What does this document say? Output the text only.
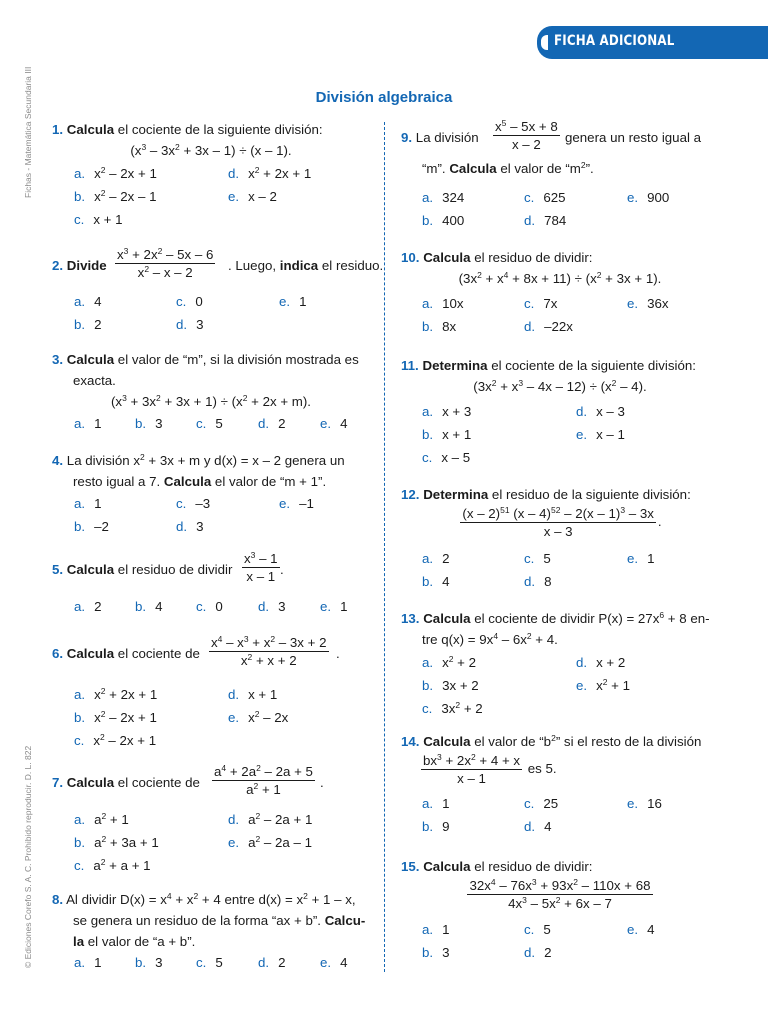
FICHA ADICIONAL
Fichas - Matemática Secundaria III
© Ediciones Corefo S. A. C. Prohibido reproducir. D. L. 822
División algebraica
1. Calcula el cociente de la siguiente división:
$(x^3 - 3x^2 + 3x - 1) \div (x - 1)$.
a. $x^2 - 2x + 1$	d. $x^2 + 2x + 1$
b. $x^2 - 2x - 1$	e. x – 2
c. x + 1
2. Divide $\frac{x^3 + 2x^2 - 5x - 6}{x^2 - x - 2}$ . Luego, indica el residuo.
a. 4	c. 0	e. 1
b. 2	d. 3
3. Calcula el valor de “m”, si la división mostrada es
exacta.
$(x^3 + 3x^2 + 3x + 1) \div (x^2 + 2x + m)$.
a. 1	b. 3	c. 5	d. 2	e. 4
4. La división $x^2 + 3x + m$ y d(x) = x – 2 genera un
resto igual a 7. Calcula el valor de “m + 1”.
a. 1	c. –3	e. –1
b. –2	d. 3
5. Calcula el residuo de dividir $\frac{x^3 - 1}{x - 1}$ .
a. 2	b. 4	c. 0	d. 3	e. 1
6. Calcula el cociente de $\frac{x^4 - x^3 + x^2 - 3x + 2}{x^2 + x + 2}$ .
a. $x^2 + 2x + 1$	d. x + 1
b. $x^2 - 2x + 1$	e. $x^2 - 2x$
c. $x^2 - 2x + 1$
7. Calcula el cociente de $\frac{a^4 + 2a^2 - 2a + 5}{a^2 + 1}$ .
a. $a^2 + 1$	d. $a^2 - 2a + 1$
b. $a^2 + 3a + 1$	e. $a^2 - 2a - 1$
c. $a^2 + a + 1$
8. Al dividir $D(x) = x^4 + x^2 + 4$ entre $d(x) = x^2 + 1 - x$,
se genera un residuo de la forma “ax + b”. Calcu-
la el valor de “a + b”.
a. 1	b. 3	c. 5	d. 2	e. 4
9. La división $\frac{x^5 - 5x + 8}{x - 2}$ genera un resto igual a
“m”. Calcula el valor de “$m^2$”.
a. 324	c. 625	e. 900
b. 400	d. 784
10. Calcula el residuo de dividir:
$(3x^2 + x^4 + 8x + 11) \div (x^2 + 3x + 1)$.
a. 10x	c. 7x	e. 36x
b. 8x	d. –22x
11. Determina el cociente de la siguiente división:
$(3x^2 + x^3 - 4x - 12) \div (x^2 - 4)$.
a. x + 3	d. x – 3
b. x + 1	e. x – 1
c. x – 5
12. Determina el residuo de la siguiente división:
$\frac{(x - 2)^{51} (x - 4)^{52} - 2(x - 1)^3 - 3x}{x - 3}$ .
a. 2	c. 5	e. 1
b. 4	d. 8
13. Calcula el cociente de dividir $P(x) = 27x^6 + 8$ en-
tre $q(x) = 9x^4 - 6x^2 + 4$.
a. $x^2 + 2$	d. x + 2
b. 3x + 2	e. $x^2 + 1$
c. $3x^2 + 2$
14. Calcula el valor de “$b^2$” si el resto de la división
$\frac{bx^3 + 2x^2 + 4 + x}{x - 1}$ es 5.
a. 1	c. 25	e. 16
b. 9	d. 4
15. Calcula el residuo de dividir:
$\frac{32x^4 - 76x^3 + 93x^2 - 110x + 68}{4x^3 - 5x^2 + 6x - 7}$
a. 1	c. 5	e. 4
b. 3	d. 2
